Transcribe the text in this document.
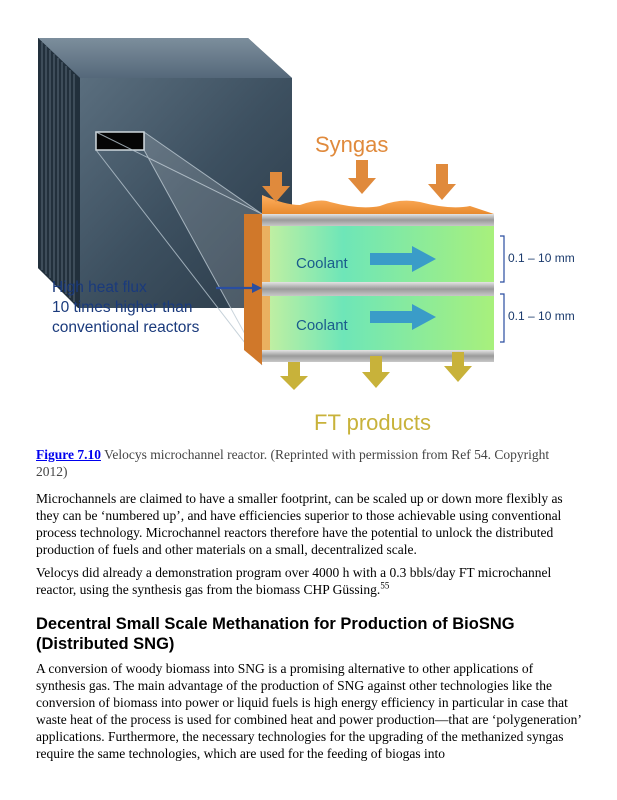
Syngas
Coolant
Coolant
0.1 – 10 mm
0.1 – 10 mm
High heat flux
10 times higher than
conventional reactors
FT products
Figure 7.10 Velocys microchannel reactor. (Reprinted with permission from Ref 54. Copyright 2012)
Microchannels are claimed to have a smaller footprint, can be scaled up or down more flexibly as they can be ‘numbered up’, and have efficiencies superior to those achievable using conventional process technology. Microchannel reactors therefore have the potential to unlock the distributed production of fuels and other materials on a small, decentralized scale.
Velocys did already a demonstration program over 4000 h with a 0.3 bbls/day FT microchannel reactor, using the synthesis gas from the biomass CHP Güssing.$^{55}$
Decentral Small Scale Methanation for Production of BioSNG (Distributed SNG)
A conversion of woody biomass into SNG is a promising alternative to other applications of synthesis gas. The main advantage of the production of SNG against other technologies like the conversion of biomass into power or liquid fuels is high energy efficiency in particular in case that waste heat of the process is used for combined heat and power production—that are ‘polygeneration’ applications. Furthermore, the necessary technologies for the upgrading of the methanized syngas require the same technologies, which are used for the feeding of biogas into
